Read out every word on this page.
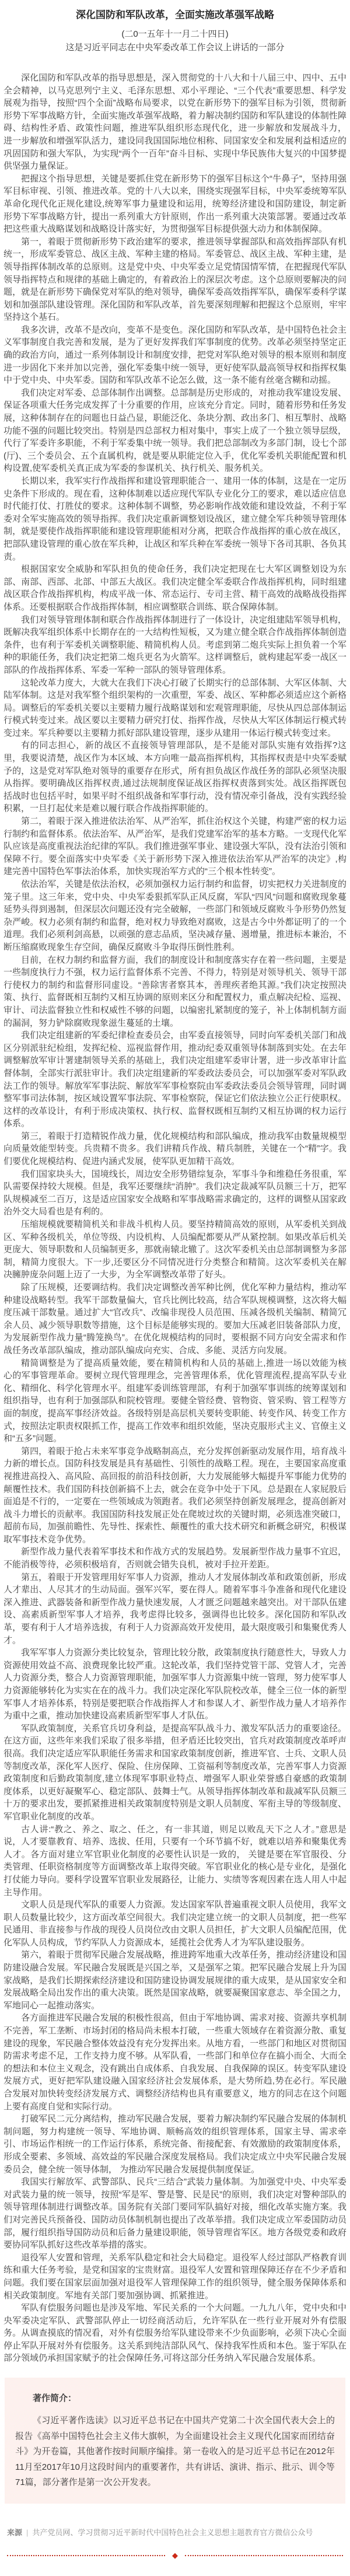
深化国防和军队改革，全面实施改革强军战略

(二0一五年十一月二十四日)

这是习近平同志在中央军委改革工作会议上讲话的一部分

深化国防和军队改革的指导思想是，深入贯彻党的十八大和十八届三中、四中、五中全会精神，以马克思列宁主义、毛泽东思想、邓小平理论、“三个代表”重要思想、科学发展观为指导，按照“四个全面”战略布局要求，以党在新形势下的强军目标为引领，贯彻新形势下军事战略方针，全面实施改革强军战略，着力解决制约国防和军队建设的体制性障碍、结构性矛盾、政策性问题，推进军队组织形态现代化，进一步解放和发展战斗力， 进一步解放和增强军队活力，建设同我国国际地位相称、同国家安全和发展利益相适应的巩固国防和强大军队，为实现“两个一百年”奋斗目标、实现中华民族伟大复兴的中国梦提供坚强力量保证。

把握这个指导思想，关键是要抓住党在新形势下的强军目标这个“牛鼻子”，坚持用强军目标审视、引领、推进改革。党的十八大以来，围绕实现强军目标，中央军委统筹军队革命化现代化正规化建设,统筹军事力量建设和运用，统筹经济建设和国防建设，制定新形势下军事战略方针，提出一系列重大方针原则，作出一系列重大决策部署。要通过改革把这些重大战略谋划和战略设计落实好，为贯彻强军目标提供强大动力和体制保障。

第一，着眼于贯彻新形势下政治建军的要求，推进领导掌握部队和高效指挥部队有机统一，形成军委管总、战区主战、军种主建的格局。军委管总、战区主战、军种主建，是领导指挥体制改革的总原则。这是党中央、中央军委立足党情国情军情，在把握现代军队领导指挥特点和规律的基础上确定的，有着政治上的深层次考虑。这个总原则要解决的问题，就是在新形势下确保党对军队的绝对领导，确保军委高效指挥军队，确保军委科学谋划和加强部队建设管理。深化国防和军队改革，首先要深刻理解和把握这个总原则，牢牢坚持这个基石。

我多次讲，改革不是改向，变革不是变色。深化国防和军队改革，是中国特色社会主义军事制度自我完善和发展，是为了更好发挥我们军事制度的优势。改革必须坚持坚定正确的政治方向，通过一系列体制设计和制度安排，把党对军队绝对领导的根本原则和制度进一步固化下来并加以完善，强化军委集中统一领导，更好使军队最高领导权和指挥权集中于党中央、中央军委。国防和军队改革不论怎么做，这一条不能有丝毫含糊和动摇。

我们决定对军委、总部体制作出调整。总部制是历史形成的，对推动我军建设发展、保证各项重大任务完成发挥了十分重要的作用，应该充分肯定。同时，随着形势和任务发展，这种体制存在的问题也日益凸显，职能泛化、条块分割、政出多门、相互掣肘、战略功能不强的问题比较突出。特别是四总部权力相对集中，事实上成了一个独立领导层级，代行了军委许多职能，不利于军委集中统一领导。我们把总部制改为多部门制，设七个部(厅)、三个委员会、五个直属机构，就是要从职能定位入手，优化军委机关职能配置和机构设置,使军委机关真正成为军委的参谋机关、执行机关、服务机关。

长期以来，我军实行作战指挥和建设管理职能合一、建用一体的体制，这是在一定历史条件下形成的。现在看，这种体制难以适应现代军队专业化分工的要求，难以适应信息时代能打仗、打胜仗的要求。这种体制不调整，势必影响作战效能和建设效益，不利于军委对全军实施高效的领导指挥。我们决定重新调整划设战区，建立健全军兵种领导管理体制，就是要使作战指挥职能和建设管理职能相对分离，把联合作战指挥的重心放在战区，把部队建设管理的重心放在军兵种，让战区和军兵种在军委统一领导下各司其职、各负其责。

根据国家安全威胁和军队担负的使命任务，我们决定把现在七大军区调整划设为东部、南部、西部、北部、中部五大战区。我们决定健全军委联合作战指挥机构，同时组建战区联合作战指挥机构，构成平战一体、常态运行、专司主营、精干高效的战略战役指挥体系。还要根据联合作战指挥体制，相应调整联合训练、联合保障体制。

我们对领导管理体制和联合作战指挥体制进行了一体设计，决定组建陆军领导机构，既解决我军组织体系中长期存在的一大结构性短板，又为建立健全联合作战指挥体制创造条件，也有利于军委机关调整职能、精简机构人员。考虑到第二炮兵实际上担负着一个军种的职能任务，我们决定把第二炮兵更名为火箭军。这样调整后，就构建起军委一战区一部队的作战指挥体系、军委一军种一部队的领导管理体系。

这轮改革力度大，大就大在我们下决心打破了长期实行的总部体制、大军区体制、大陆军体制。这是对我军整个组织架构的一次重塑，军委、战区、军种都必须适应这个新格局。调整后的军委机关要以主要精力履行战略谋划和宏观管理职能，尽快从四总部体制运行模式转变过来。战区要以主要精力研究打仗、指挥作战，尽快从大军区体制运行模式转变过来。军兵种要以主要精力抓好部队建设管理，逐步从建用一体运行模式转变过来。

有的同志担心，新的战区不直接领导管理部队，是不是能对部队实施有效指挥?这里，我要说清楚，战区作为本区域、本方向唯一最高指挥机构，其指挥权责是中央军委赋予的，这是党对军队绝对领导的重要存在形式，所有担负战区作战任务的部队必须坚决服从指挥。要明确战区指挥权责,通过法规制度保证战区指挥权责落到实处。战区指挥既包括战时也包括平时，如果平时不组织战备和军事行动，没有情况牵引备战，没有实践经验积累，一旦打起仗来是难以履行联合作战指挥职能的。

第二，着眼于深入推进依法治军、从严治军，抓住治权这个关键，构建严密的权力运行制约和监督体系。依法治军、从严治军，是我们党建军治军的基本方略。一支现代化军队应该是高度重视法治纪律的军队。我们推进强军事业、建设强大军队，没有法治引领和保障不行。要全面落实中央军委《关于新形势下深入推进依法治军从严治军的决定》,构建完善中国特色军事法治体系，加快实现治军方式的“三个根本性转变”。

依法治军，关键是依法治权，必须加强权力运行制约和监督，切实把权力关进制度的笼子里。这三年来，党中央、中央军委狠抓军队正风反腐，军队“四风”问题和腐败现象蔓延势头得到遏制，但深层次问题还没有完全破解，一些部门和领域反腐败斗争形势仍然复杂严峻。权力必须有制约和监督，绝对权力导致绝对腐败，这是古今中外都证明了的一个道理。我们必须利剑高悬，以顽强的意志品质，坚决减存量、遏增量，推进标本兼治，不断压缩腐败现象生存空间，确保反腐败斗争取得压倒性胜利。

目前，在权力制约和监督方面，我们的制度设计和制度落实存在着一些问题，主要是一些制度执行力不强，权力运行监督体系不完善、不得力，特别是对领导机关、领导干部行使权力的制约和监督形同虚设。“善除害者察其本，善理疾者绝其源。”我们决定按照决策、执行、监督既相互制约又相互协调的原则来区分和配置权力，重点解决纪检、巡视、审计、司法监督独立性和权威性不够的问题，以编密扎紧制度的笼子，补上体制机制方面的漏洞，努力铲除腐败现象滋生蔓延的土壤。

我们决定组建新的军委纪律检查委员会，由军委直接领导，同时向军委机关部门和战区分别派驻纪检组，发挥纪检、巡视监督作用，推动纪委双重领导体制落到实处。在去年调整解放军审计署建制领导关系的基础上，我们决定组建军委审计署，进一步改革审计监督体制，全部实行派驻审计。我们决定组建新的军委政法委员会，可以加强军委对军队政法工作的领导。解放军军事法院、解放军军事检察院由军委政法委员会领导管理，同时调整军事司法体制，按区域设置军事法院、军事检察院，保证它们依法独立公正行使职权。这样的改革设计，有利于形成决策权、执行权、监督权既相互制约又相互协调的权力运行体系。

第三，着眼于打造精锐作战力量，优化规模结构和部队编成，推动我军由数量规模型向质量效能型转变。兵贵精不贵多。我们讲精兵作战、精兵制胜，关键在一个“精”字。我们要优化规模结构、促进内涵式发展，使军队更加精干高效。

我们国家块头大，国境线长，周边安全形势错综复杂，军事斗争和维稳任务很重，军队需要保持较大规模。但是，我军还要继续“消肿”。我们决定裁减军队员额三十万，把军队规模减至二百万，这是适应国家安全战略和军事战略需求确定的，这样的调整从国家政治外交大局看也是有利的。

压缩规模就要精简机关和非战斗机构人员。要坚持精简高效的原则，从军委机关到战区、军种各级机关，单位等级、内设机构、人员编配都要从严从紧控制。如果改革后机关更庞大、领导职数和人员编制更多，那就南辕北辙了。这次军委机关由总部制调整为多部制，精简力度很大。下一步,还要区分不同情况进行分类整合和精简。这次军委机关在解决臃肿庞杂问题上迈了一大步，为全军调整改革带了好头。

除了压规模，还要调结构。我们决定调整改善军种比例，优化军种力量结构，推动军种建设战略转型。我军干部数量偏大，官兵比例比较高，结合军队规模调整，这次将大幅度压减干部数量。通过扩大“官改兵”、改编非现役人员范围、压减各级机关编制、精简冗余人员、减少领导职数等措施，这个目标是能够实现的。要加大压减老旧装备部队力度，为发展新型作战力量“腾笼换鸟”。在优化规模结构的同时，要根据不同方向安全需求和作战任务改革部队编成，推动部队编成向充实、合成、多能、灵活方向发展。

精简调整是为了提高质量效能，要在精简机构和人员的基础上,推进一场以效能为核心的军事管理革命。要树立现代管理理念，完善管理体系，优化管理流程,提高军队专业化、精细化、科学化管理水平。组建军委训练管理部，有利于加强军事训练的统筹谋划和组织指导，也有利于加强部队和院校管理。要健全管经费、管物资、管采购、管工程等方面的制度，提高军事经济效益。各级特别是高层机关要转变职能、转变作风、转变工作方式，按照法定职责权限抓工作，提高工作效率和组织效能，坚决克服形式主义、官僚主义和“五多”问题。

第四，着眼于抢占未来军事竞争战略制高点，充分发挥创新驱动发展作用，培育战斗力新的增长点。国防科技发展是具有基础性、引领性的战略工程。现在，主要国家高度重视推进高投入、高风险、高回报的前沿科技创新，大力发展能够大幅提升军事能力优势的颠覆性技术。我们国防科技创新搞不上去，就会在竞争中处于下风。总是跟在人家屁股后面追是不行的，一定要在一些领域成为领跑者。我们必须坚持创新发展理念，提高创新对战斗力增长的贡献率。我国国防科技发展正处在爬坡过坎的关键时期，必须选准突破口，超前布局，加强前瞻性、先导性、探索性、颠覆性的重大技术研究和新概念研究，积极谋取军事技术竞争优势。

新型作战力量代表着军事技术和作战方式的发展趋势。发展新型作战力量事不宜迟，不能消极等待，必须积极培育，否则就会错失良机，被对手拉开差距。

第五，着眼于开发管理用好军事人力资源，推动人才发展体制改革和政策创新，形成人才辈出、人尽其才的生动局面。强军兴军，要在得人。随着军事斗争准备和现代化建设深入推进、武器装备和新型作战力量快速发展，人才匮乏问题越来越突出。对干部队伍建设、高素质新型军事人才培养，我考虑得比较多，强调得也比较多。深化国防和军队改革，要有利于人才培养选拔，有利于人力资源高效开发使用，最大限度吸引和集聚优秀人才。

我军军事人力资源分类比较复杂，管理比较分散，政策制度执行随意性大，导致人力资源使用效益不高、浪费现象比较严重。这轮改革，我们坚持党管干部、党管人才，完善人力资源分类，整合人力资源管理职能，加强军事人力资源集中统一管理，努力使军事人力资源能够转化为实实在在的战斗力。我们决定深化军队院校改革，健全三位一体的新型军事人才培养体系，特别是要把联合作战指挥人才和参谋人才、新型作战力量人才培养作为重中之重，推动加快建设高素质新型军事人才队伍。

军队政策制度，关系官兵切身利益，是提高军队战斗力、激发军队活力的重要途径。在这方面，这些年来我们采取了很多举措，但矛盾还比较突出，官兵对政策制度改革呼声很高。我们决定适应军队职能任务需求和国家政策制度创新，推进军官、士兵、文职人员等制度改革，深化军人医疗、保险、住房保障、工资福利等制度改革，完善军事人力资源政策制度和后勤政策制度,建立体现军事职业特点、增强军人职业荣誉感自豪感的政策制度体系，以更好凝聚军心、稳定部队、鼓舞士气。从领导指挥体制改革和裁减军队员额三十万的要求出发，要抓紧推进相关政策制度特别是文职人员制度、军衔主导的等级制度、军官职业化制度的改革。

古人讲:“教之、养之、取之、任之，有一非其道，则足以败乱天下之人才。”意思是说，人才要靠教育、培养、选拔、任用，只要有一个环节搞不好，就难以培养和聚集优秀人才。各方面对建立军官职业化制度的必要性认识是一致的， 关键是要在军官服役、分类管理、任职资格制度等方面调整改革上取得突破。军官职业化的核心是专业化，是强化打仗能力导向。要科学设置军官职业发展路径，让能力、实绩等客观因素在选人用人中起主导作用。

文职人员是现代军队的重要人力资源。发达国家军队普遍重视文职人员使用，我军文职人员数量比较少，这方面改革空间很大。我们决定建立统一的文职人员制度，把一些军民通用、非直接参与作战的现役人员岗位改由文职人员担任，扩大文职人员编配范围，优化军队人员构成，节约军队人力资源成本，延揽社会优秀人才为军队建设服务。

第六，着眼于贯彻军民融合发展战略，推进跨军地重大改革任务，推动经济建设和国防建设融合发展。军民融合发展既是兴国之举，又是强军之策。把军民融合发展上升为国家战略，是我们长期探索经济建设和国防建设协调发展规律的重大成果，是从国家安全和发展战略全局出发作出的重大决策。既然是国家战略，就要凝聚国家意志、举全国之力，军地同心一起推动落实。

各方面推进军民融合发展的积极性很高，但由于军地协调、需求对接、资源共享机制不完善，军工垄断、市场封闭的格局尚未根本打破，一些重大领域存在着资源分散、重复建设的现象，军民融合整体效益没有充分发挥出来。从地方看，一些部门和地区对贯彻国防需求考虑不足，工作支持力度不够。从军队看，一些部门和单位存在搞小而全、大而全的想法和本位主义观念，没有跳出自成体系、自我发展、自我保障的误区。转变军队建设发展方式，更好把军队建设融入国家经济社会发展体系，是大势所趋,势在必行。军民融合发展对加快转变经济发展方式、调整经济结构也具有重要意义，地方的同志在这个问题上要有高度自觉和实际行动。

打破军民二元分离结构，推动军民融合发展，要着力解决制约军民融合发展的体制机制问题，努力构建统一领导、军地协调、顺畅高效的组织管理体系，国家主导、需求牵引、市场运作相统一的工作运行体系，系统完备、衔接配套、有效激励的政策制度体系，形成全要素、多领域、高效益的军民融合深度发展格局。我们决定成立中央军民融合发展委员会，健全统一领导体制， 为推动军民融合发展提供制度保证。

我国实行解放军、武警部队、民兵“三结合”武装力量体制。为加强党中央、中央军委对武装力量的统一领导，按照“军是军、警是警、民是民”的原则，我们决定对警种部队的领导管理体制进行调整改革。国务院有关部门要同军队搞好对接，细化改革实施方案。我们对完善民兵预备役、国防动员体制机制也提出了改革举措。我们决定成立军委国防动员部，履行组织指导国防动员和后备力量建设职能，领导管理省军区。地方各级党委和政府要协同军队抓好这些改革举措的落实。

退役军人安置和管理，关系军队稳定和社会大局稳定。退役军人经过部队严格教育训练和重大任务考验，是党和国家的宝贵财富。退役军人安置和管理保障还存在不少矛盾和问题。我们要在国家层面加强对退役军人管理保障工作的组织领导，健全服务保障体系和相关政策制度。军地有关部门要加强协调、抓紧推进。

军队有偿服务问题也是涉及军地、军民关系的一个大问题。一九九八年，党中央和中央军委决定军队、武警部队停止一切经商活动后，允许军队在一些行业开展对外有偿服务。从调查摸底的情况看，对外有偿服务给军队建设带来不少负面影响，必须下决心全面停止军队开展对外有偿服务。这关系到纯洁部队风气、保持我军性质和本色。鉴于军队在部分领域仍承担国家赋予的社会保障任务,可将这部分任务纳入军民融合发展体系。

著作简介：

《习近平著作选读》以习近平总书记在中国共产党第二十次全国代表大会上的报告《高举中国特色社会主义伟大旗帜，为全面建设社会主义现代化国家而团结奋斗》为开卷篇，其他著作按时间顺序编排。第一卷收入的是习近平总书记在2012年11月至2017年10月这段时间内的重要著作，共有讲话、演讲、指示、批示、训令等71篇，部分著作是第一次公开发表。

来源 | 共产党员网、学习贯彻习近平新时代中国特色社会主义思想主题教育官方微信公众号

◆
